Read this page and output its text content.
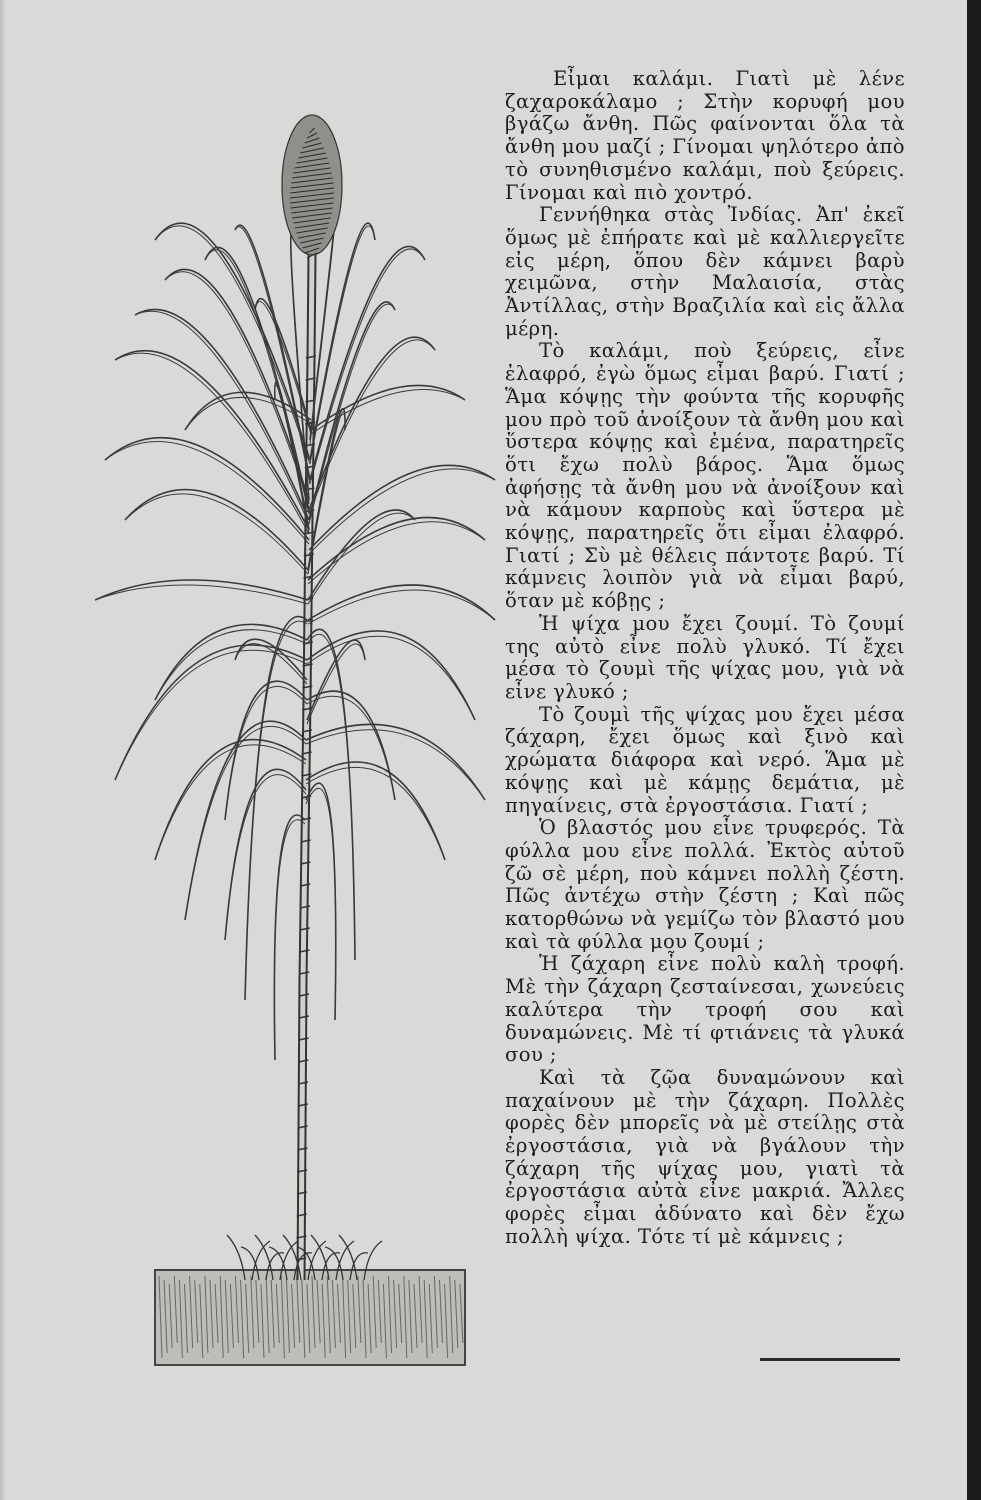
Εἶμαι καλάμι. Γιατὶ μὲ λένε ζαχαροκάλαμο ; Στὴν κορυφή μου βγάζω ἄνθη. Πῶς φαίνονται ὅλα τὰ ἄνθη μου μαζί ; Γίνομαι ψηλότερο ἀπὸ τὸ συνηθισμένο καλάμι, ποὺ ξεύρεις. Γίνομαι καὶ πιὸ χοντρό.

Γεννήθηκα στὰς Ἰνδίας. Ἀπ' ἐκεῖ ὅμως μὲ ἐπήρατε καὶ μὲ καλλιεργεῖτε εἰς μέρη, ὅπου δὲν κάμνει βαρὺ χειμῶνα, στὴν Μαλαισία, στὰς Ἀντίλλας, στὴν Βραζιλία καὶ εἰς ἄλλα μέρη.

Τὸ καλάμι, ποὺ ξεύρεις, εἶνε ἐλαφρό, ἐγὼ ὅμως εἶμαι βαρύ. Γιατί ; Ἅμα κόψῃς τὴν φούντα τῆς κορυφῆς μου πρὸ τοῦ ἀνοίξουν τὰ ἄνθη μου καὶ ὕστερα κόψῃς καὶ ἐμένα, παρατηρεῖς ὅτι ἔχω πολὺ βάρος. Ἅμα ὅμως ἀφήσῃς τὰ ἄνθη μου νὰ ἀνοίξουν καὶ νὰ κάμουν καρποὺς καὶ ὕστερα μὲ κόψῃς, παρατηρεῖς ὅτι εἶμαι ἐλαφρό. Γιατί ; Σὺ μὲ θέλεις πάντοτε βαρύ. Τί κάμνεις λοιπὸν γιὰ νὰ εἶμαι βαρύ, ὅταν μὲ κόβῃς ;

Ἡ ψίχα μου ἔχει ζουμί. Τὸ ζουμί της αὐτὸ εἶνε πολὺ γλυκό. Τί ἔχει μέσα τὸ ζουμὶ τῆς ψίχας μου, γιὰ νὰ εἶνε γλυκό ;

Τὸ ζουμὶ τῆς ψίχας μου ἔχει μέσα ζάχαρη, ἔχει ὅμως καὶ ξινὸ καὶ χρώματα διάφορα καὶ νερό. Ἅμα μὲ κόψῃς καὶ μὲ κάμῃς δεμάτια, μὲ πηγαίνεις, στὰ ἐργοστάσια. Γιατί ;

Ὁ βλαστός μου εἶνε τρυφερός. Τὰ φύλλα μου εἶνε πολλά. Ἐκτὸς αὐτοῦ ζῶ σὲ μέρη, ποὺ κάμνει πολλὴ ζέστη. Πῶς ἀντέχω στὴν ζέστη ; Καὶ πῶς κατορθώνω νὰ γεμίζω τὸν βλαστό μου καὶ τὰ φύλλα μου ζουμί ;

Ἡ ζάχαρη εἶνε πολὺ καλὴ τροφή. Μὲ τὴν ζάχαρη ζεσταίνεσαι, χωνεύεις καλύτερα τὴν τροφή σου καὶ δυναμώνεις. Μὲ τί φτιάνεις τὰ γλυκά σου ;

Καὶ τὰ ζῷα δυναμώνουν καὶ παχαίνουν μὲ τὴν ζάχαρη. Πολλὲς φορὲς δὲν μπορεῖς νὰ μὲ στείλῃς στὰ ἐργοστάσια, γιὰ νὰ βγάλουν τὴν ζάχαρη τῆς ψίχας μου, γιατὶ τὰ ἐργοστάσια αὐτὰ εἶνε μακριά. Ἄλλες φορὲς εἶμαι ἀδύνατο καὶ δὲν ἔχω πολλὴ ψίχα. Τότε τί μὲ κάμνεις ;
